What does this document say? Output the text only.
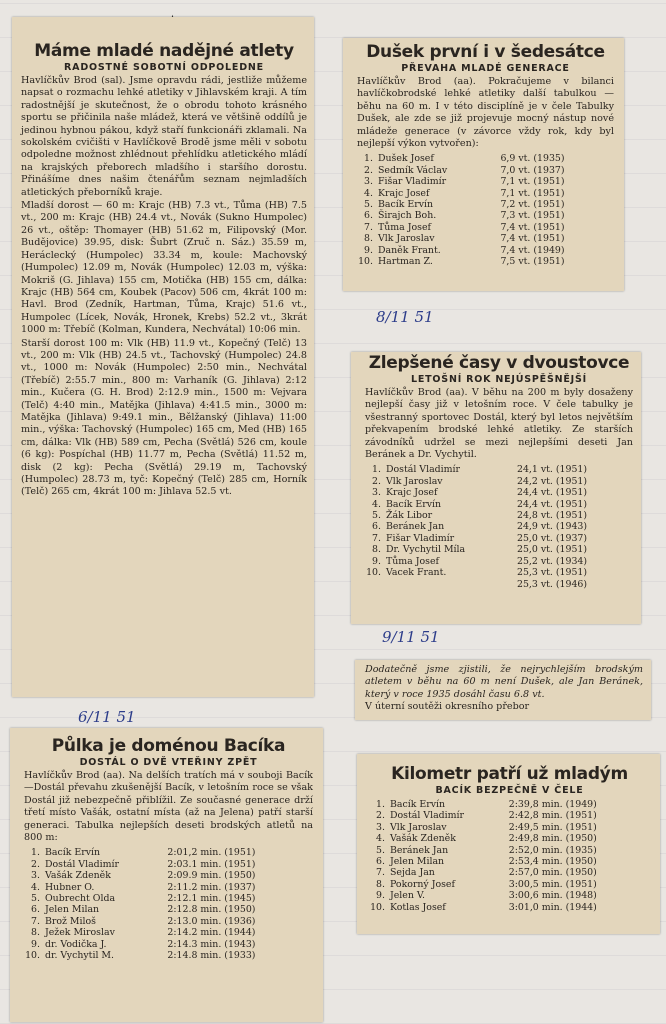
Máme mladé nadějné atlety
RADOSTNÉ SOBOTNÍ ODPOLEDNE

Havlíčkův Brod (sal). Jsme opravdu rádi, jestliže můžeme napsat o rozmachu lehké atletiky v Jihlavském kraji. A tím radostnější je skutečnost, že o obrodu tohoto krásného sportu se přičinila naše mládež, která ve většině oddílů je jedinou hybnou pákou, když staří funkcionáři zklamali. Na sokolském cvičišti v Havlíčkově Brodě jsme měli v sobotu odpoledne možnost zhlédnout přehlídku atletického mládí na krajských přeborech mladšího i staršího dorostu. Přinášíme dnes našim čtenářům seznam nejmladších atletických přeborníků kraje.

Mladší dorost — 60 m: Krajc (HB) 7.3 vt., Tůma (HB) 7.5 vt., 200 m: Krajc (HB) 24.4 vt., Novák (Sukno Humpolec) 26 vt., oštěp: Thomayer (HB) 51.62 m, Filipovský (Mor. Budějovice) 39.95, disk: Šubrt (Zruč n. Sáz.) 35.59 m, Heráclecký (Humpolec) 33.34 m, koule: Machovský (Humpolec) 12.09 m, Novák (Humpolec) 12.03 m, výška: Mokriš (G. Jihlava) 155 cm, Motička (HB) 155 cm, dálka: Krajc (HB) 564 cm, Koubek (Pacov) 506 cm, 4krát 100 m: Havl. Brod (Zedník, Hartman, Tůma, Krajc) 51.6 vt., Humpolec (Lícek, Novák, Hronek, Krebs) 52.2 vt., 3krát 1000 m: Třebíč (Kolman, Kundera, Nechvátal) 10:06 min.

Starší dorost 100 m: Vlk (HB) 11.9 vt., Kopečný (Telč) 13 vt., 200 m: Vlk (HB) 24.5 vt., Tachovský (Humpolec) 24.8 vt., 1000 m: Novák (Humpolec) 2:50 min., Nechvátal (Třebíč) 2:55.7 min., 800 m: Varhaník (G. Jihlava) 2:12 min., Kučera (G. H. Brod) 2:12.9 min., 1500 m: Vejvara (Telč) 4:40 min., Matějka (Jihlava) 4:41.5 min., 3000 m: Matějka (Jihlava) 9:49.1 min., Bělžanský (Jihlava) 11:00 min., výška: Tachovský (Humpolec) 165 cm, Med (HB) 165 cm, dálka: Vlk (HB) 589 cm, Pecha (Světlá) 526 cm, koule (6 kg): Pospíchal (HB) 11.77 m, Pecha (Světlá) 11.52 m, disk (2 kg): Pecha (Světlá) 29.19 m, Tachovský (Humpolec) 28.73 m, tyč: Kopečný (Telč) 285 cm, Horník (Telč) 265 cm, 4krát 100 m: Jihlava 52.5 vt.

Dušek první i v šedesátce
PŘEVAHA MLADÉ GENERACE

Havlíčkův Brod (aa). Pokračujeme v bilanci havlíčkobrodské lehké atletiky další tabulkou — běhu na 60 m. I v této disciplíně je v čele Tabulky Dušek, ale zde se již projevuje mocný nástup nové mládeže generace (v závorce vždy rok, kdy byl nejlepší výkon vytvořen):

1.	Dušek Josef	6,9 vt. (1935)
2.	Sedmík Václav	7,0 vt. (1937)
3.	Fišar Vladimír	7,1 vt. (1951)
4.	Krajc Josef	7,1 vt. (1951)
5.	Bacík Ervín	7,2 vt. (1951)
6.	Širajch Boh.	7,3 vt. (1951)
7.	Tůma Josef	7,4 vt. (1951)
8.	Vlk Jaroslav	7,4 vt. (1951)
9.	Daněk Frant.	7,4 vt. (1949)
10.	Hartman Z.	7,5 vt. (1951)
8/11 51
Zlepšené časy v dvoustovce
LETOŠNÍ ROK NEJÚSPĚŠNĚJŠÍ

Havlíčkův Brod (aa). V běhu na 200 m byly dosaženy nejlepší časy již v letošním roce. V čele tabulky je všestranný sportovec Dostál, který byl letos největším překvapením brodské lehké atletiky. Ze starších závodníků udržel se mezi nejlepšími deseti Jan Beránek a Dr. Vychytil.

1.	Dostál Vladimír	24,1 vt. (1951)
2.	Vlk Jaroslav	24,2 vt. (1951)
3.	Krajc Josef	24,4 vt. (1951)
4.	Bacík Ervín	24,4 vt. (1951)
5.	Žák Libor	24,8 vt. (1951)
6.	Beránek Jan	24,9 vt. (1943)
7.	Fišar Vladimír	25,0 vt. (1937)
8.	Dr. Vychytil Míla	25,0 vt. (1951)
9.	Tůma Josef	25,2 vt. (1934)
10.	Vacek Frant.	25,3 vt. (1951)
		25,3 vt. (1946)
9/11 51

Dodatečně jsme zjistili, že nejrychlejším brodským atletem v běhu na 60 m není Dušek, ale Jan Beránek, který v roce 1935 dosáhl času 6.8 vt.

V úterní soutěži okresního přebor

6/11 51
Půlka je doménou Bacíka
DOSTÁL O DVĚ VTEŘINY ZPĚT

Havlíčkův Brod (aa). Na delších tratích má v souboji Bacík—Dostál převahu zkušenější Bacík, v letošním roce se však Dostál již nebezpečně přiblížil. Ze současné generace drží třetí místo Vašák, ostatní místa (až na Jelena) patří starší generaci. Tabulka nejlepších deseti brodských atletů na 800 m:

1.	Bacík Ervín	2:01,2 min. (1951)
2.	Dostál Vladimír	2:03.1 min. (1951)
3.	Vašák Zdeněk	2:09.9 min. (1950)
4.	Hubner O.	2:11.2 min. (1937)
5.	Oubrecht Olda	2:12.1 min. (1945)
6.	Jelen Milan	2:12.8 min. (1950)
7.	Brož Miloš	2:13.0 min. (1936)
8.	Ježek Miroslav	2:14.2 min. (1944)
9.	dr. Vodička J.	2:14.3 min. (1943)
10.	dr. Vychytil M.	2:14.8 min. (1933)
Kilometr patří už mladým
BACÍK BEZPEČNĚ V ČELE
1.	Bacík Ervín	2:39,8 min. (1949)
2.	Dostál Vladimír	2:42,8 min. (1951)
3.	Vlk Jaroslav	2:49,5 min. (1951)
4.	Vašák Zdeněk	2:49,8 min. (1950)
5.	Beránek Jan	2:52,0 min. (1935)
6.	Jelen Milan	2:53,4 min. (1950)
7.	Sejda Jan	2:57,0 min. (1950)
8.	Pokorný Josef	3:00,5 min. (1951)
9.	Jelen V.	3:00,6 min. (1948)
10.	Kotlas Josef	3:01,0 min. (1944)
